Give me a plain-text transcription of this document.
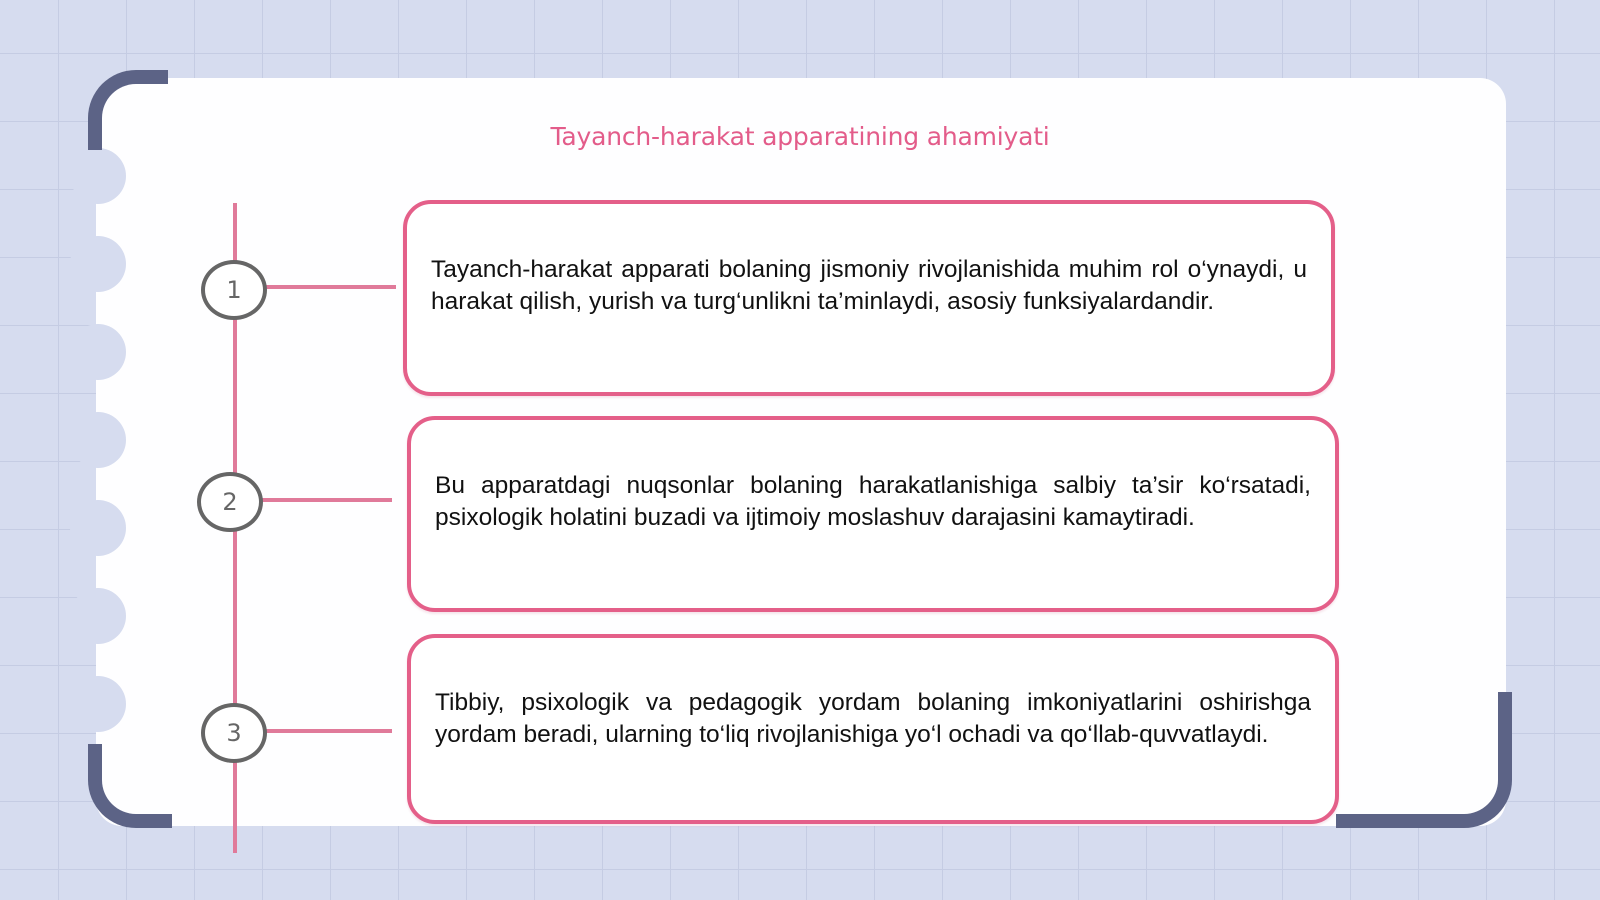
Tayanch-harakat apparatining ahamiyati
1
2
3

Tayanch-harakat apparati bolaning jismoniy rivojlanishida muhim rol o‘ynaydi, u harakat qilish, yurish va turg‘unlikni ta’minlaydi, asosiy funksiyalardandir.

Bu apparatdagi nuqsonlar bolaning harakatlanishiga salbiy ta’sir ko‘rsatadi, psixologik holatini buzadi va ijtimoiy moslashuv darajasini kamaytiradi.

Tibbiy, psixologik va pedagogik yordam bolaning imkoniyatlarini oshirishga yordam beradi, ularning to‘liq rivojlanishiga yo‘l ochadi va qo‘llab-quvvatlaydi.
